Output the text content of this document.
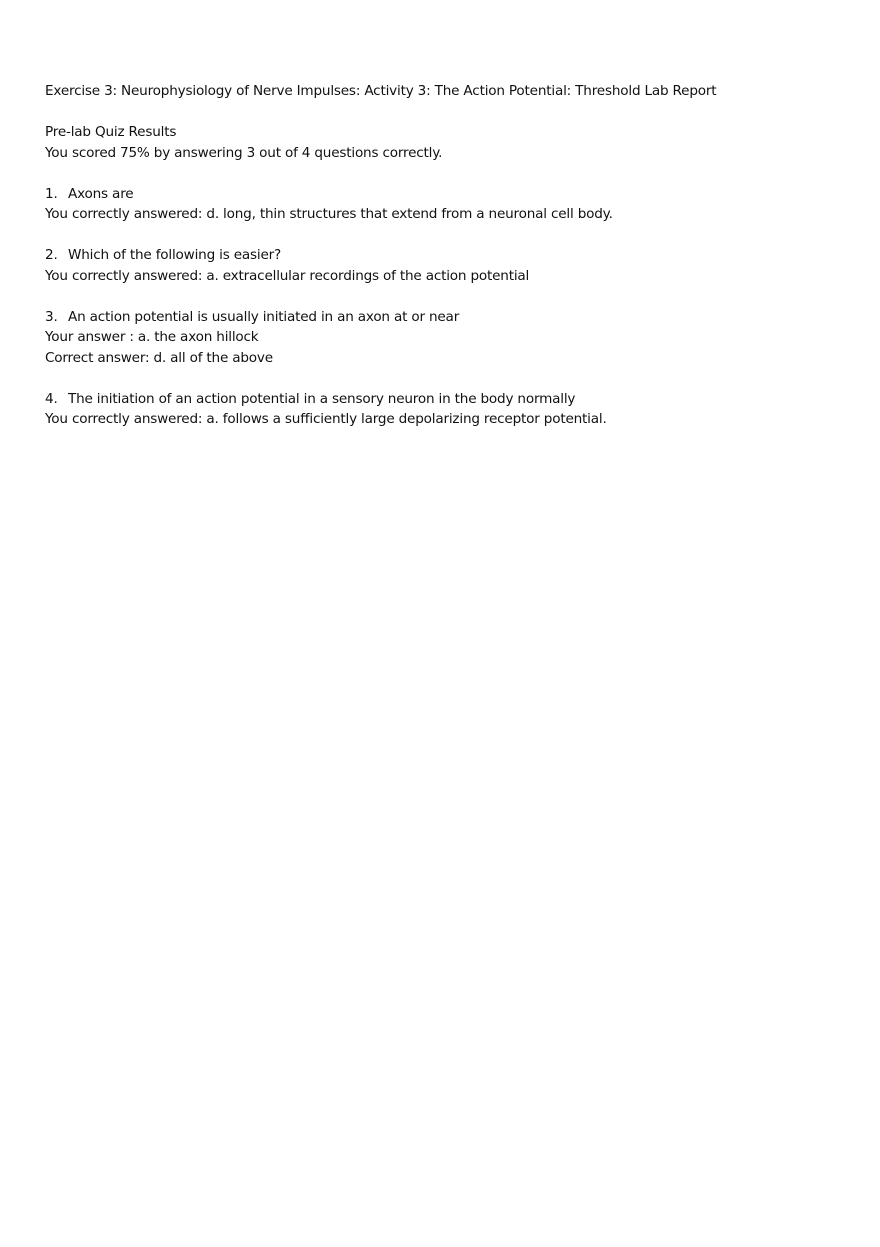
Exercise 3: Neurophysiology of Nerve Impulses: Activity 3: The Action Potential: Threshold Lab Report
Pre-lab Quiz Results
You scored 75% by answering 3 out of 4 questions correctly.
1. Axons are
You correctly answered: d. long, thin structures that extend from a neuronal cell body.
2. Which of the following is easier?
You correctly answered: a. extracellular recordings of the action potential
3. An action potential is usually initiated in an axon at or near
Your answer : a. the axon hillock
Correct answer: d. all of the above
4. The initiation of an action potential in a sensory neuron in the body normally
You correctly answered: a. follows a sufficiently large depolarizing receptor potential.
